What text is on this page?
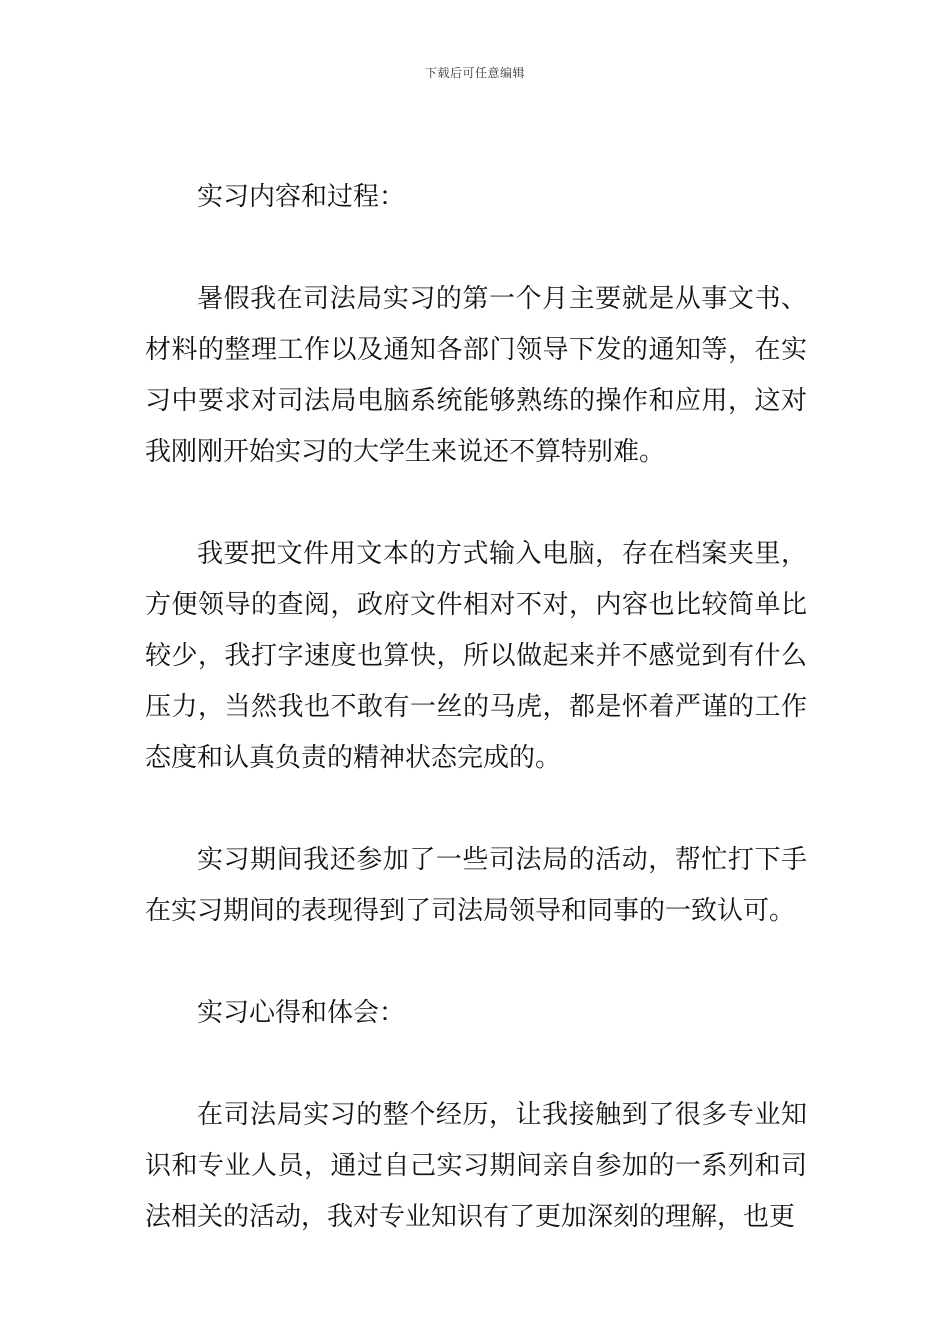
下载后可任意编辑

实习内容和过程：

暑假我在司法局实习的第一个月主要就是从事文书、材料的整理工作以及通知各部门领导下发的通知等，在实习中要求对司法局电脑系统能够熟练的操作和应用，这对我刚刚开始实习的大学生来说还不算特别难。

我要把文件用文本的方式输入电脑，存在档案夹里，方便领导的查阅，政府文件相对不对，内容也比较简单比较少，我打字速度也算快，所以做起来并不感觉到有什么压力，当然我也不敢有一丝的马虎，都是怀着严谨的工作态度和认真负责的精神状态完成的。

实习期间我还参加了一些司法局的活动，帮忙打下手在实习期间的表现得到了司法局领导和同事的一致认可。

实习心得和体会：

在司法局实习的整个经历，让我接触到了很多专业知识和专业人员，通过自己实习期间亲自参加的一系列和司法相关的活动，我对专业知识有了更加深刻的理解，也更
